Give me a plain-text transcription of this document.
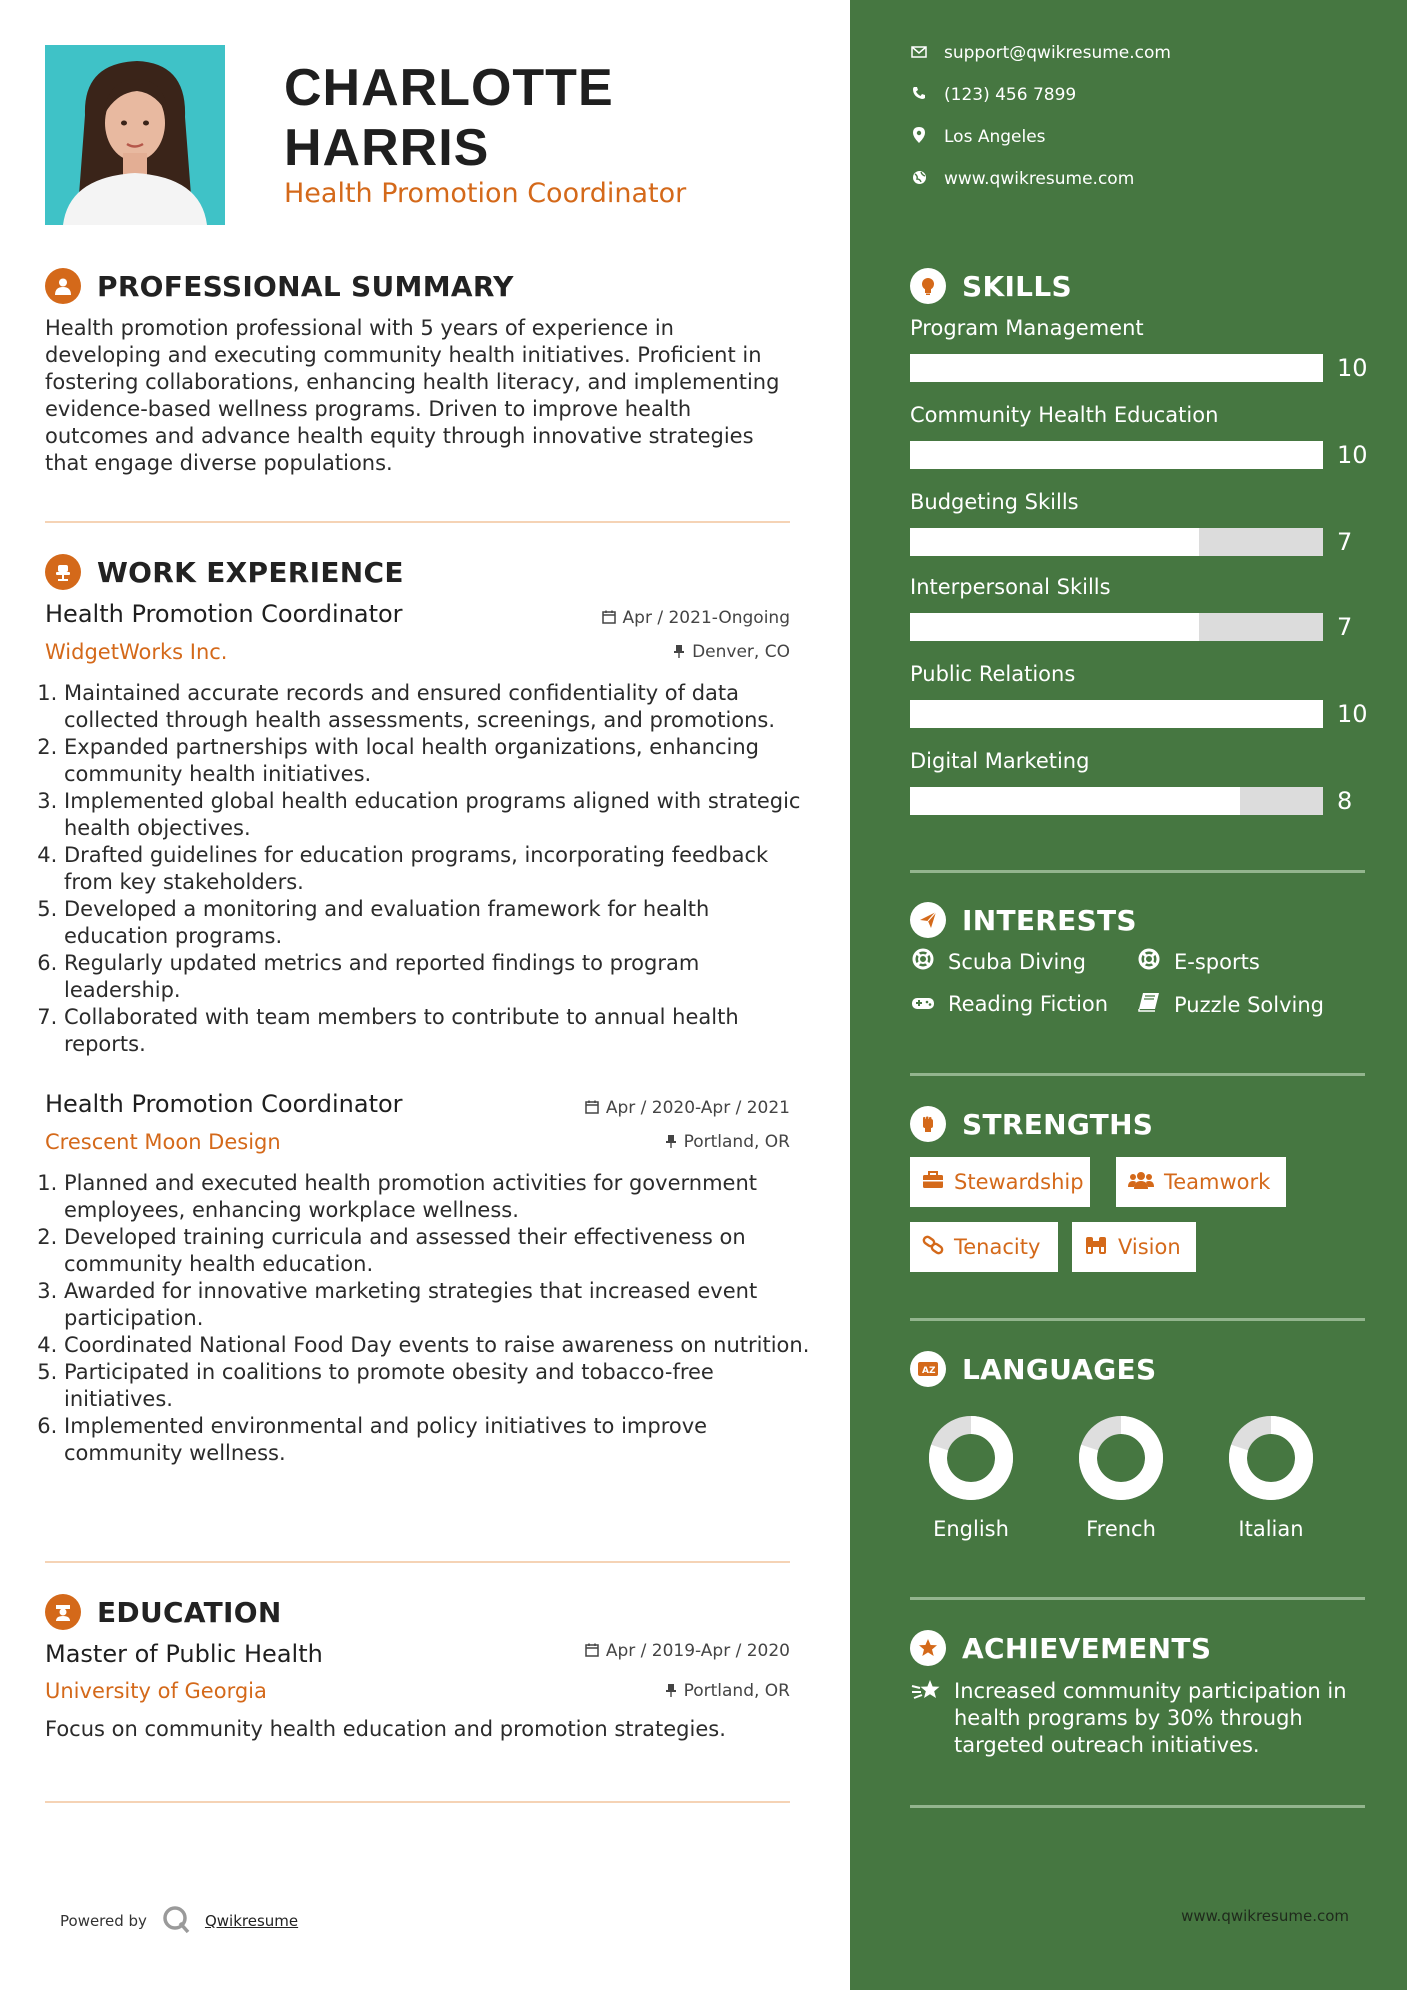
CHARLOTTE
HARRIS
Health Promotion Coordinator
PROFESSIONAL SUMMARY
Health promotion professional with 5 years of experience in developing and executing community health initiatives. Proficient in fostering collaborations, enhancing health literacy, and implementing evidence-based wellness programs. Driven to improve health outcomes and advance health equity through innovative strategies that engage diverse populations.
WORK EXPERIENCE
Health Promotion Coordinator	Apr / 2021-Ongoing
WidgetWorks Inc.	Denver, CO
1. Maintained accurate records and ensured confidentiality of data collected through health assessments, screenings, and promotions.
2. Expanded partnerships with local health organizations, enhancing community health initiatives.
3. Implemented global health education programs aligned with strategic health objectives.
4. Drafted guidelines for education programs, incorporating feedback from key stakeholders.
5. Developed a monitoring and evaluation framework for health education programs.
6. Regularly updated metrics and reported findings to program leadership.
7. Collaborated with team members to contribute to annual health reports.
Health Promotion Coordinator	Apr / 2020-Apr / 2021
Crescent Moon Design	Portland, OR
1. Planned and executed health promotion activities for government employees, enhancing workplace wellness.
2. Developed training curricula and assessed their effectiveness on community health education.
3. Awarded for innovative marketing strategies that increased event participation.
4. Coordinated National Food Day events to raise awareness on nutrition.
5. Participated in coalitions to promote obesity and tobacco-free initiatives.
6. Implemented environmental and policy initiatives to improve community wellness.
EDUCATION
Master of Public Health	Apr / 2019-Apr / 2020
University of Georgia	Portland, OR
Focus on community health education and promotion strategies.
Powered by	Qwikresume
support@qwikresume.com
(123) 456 7899
Los Angeles
www.qwikresume.com
SKILLS
Program Management
10
Community Health Education
10
Budgeting Skills
7
Interpersonal Skills
7
Public Relations
10
Digital Marketing
8
INTERESTS
Scuba Diving	E-sports
Reading Fiction	Puzzle Solving
STRENGTHS
Stewardship	Teamwork
Tenacity	Vision
A Z LANGUAGES
English	French	Italian
ACHIEVEMENTS
Increased community participation in health programs by 30% through targeted outreach initiatives.
www.qwikresume.com
